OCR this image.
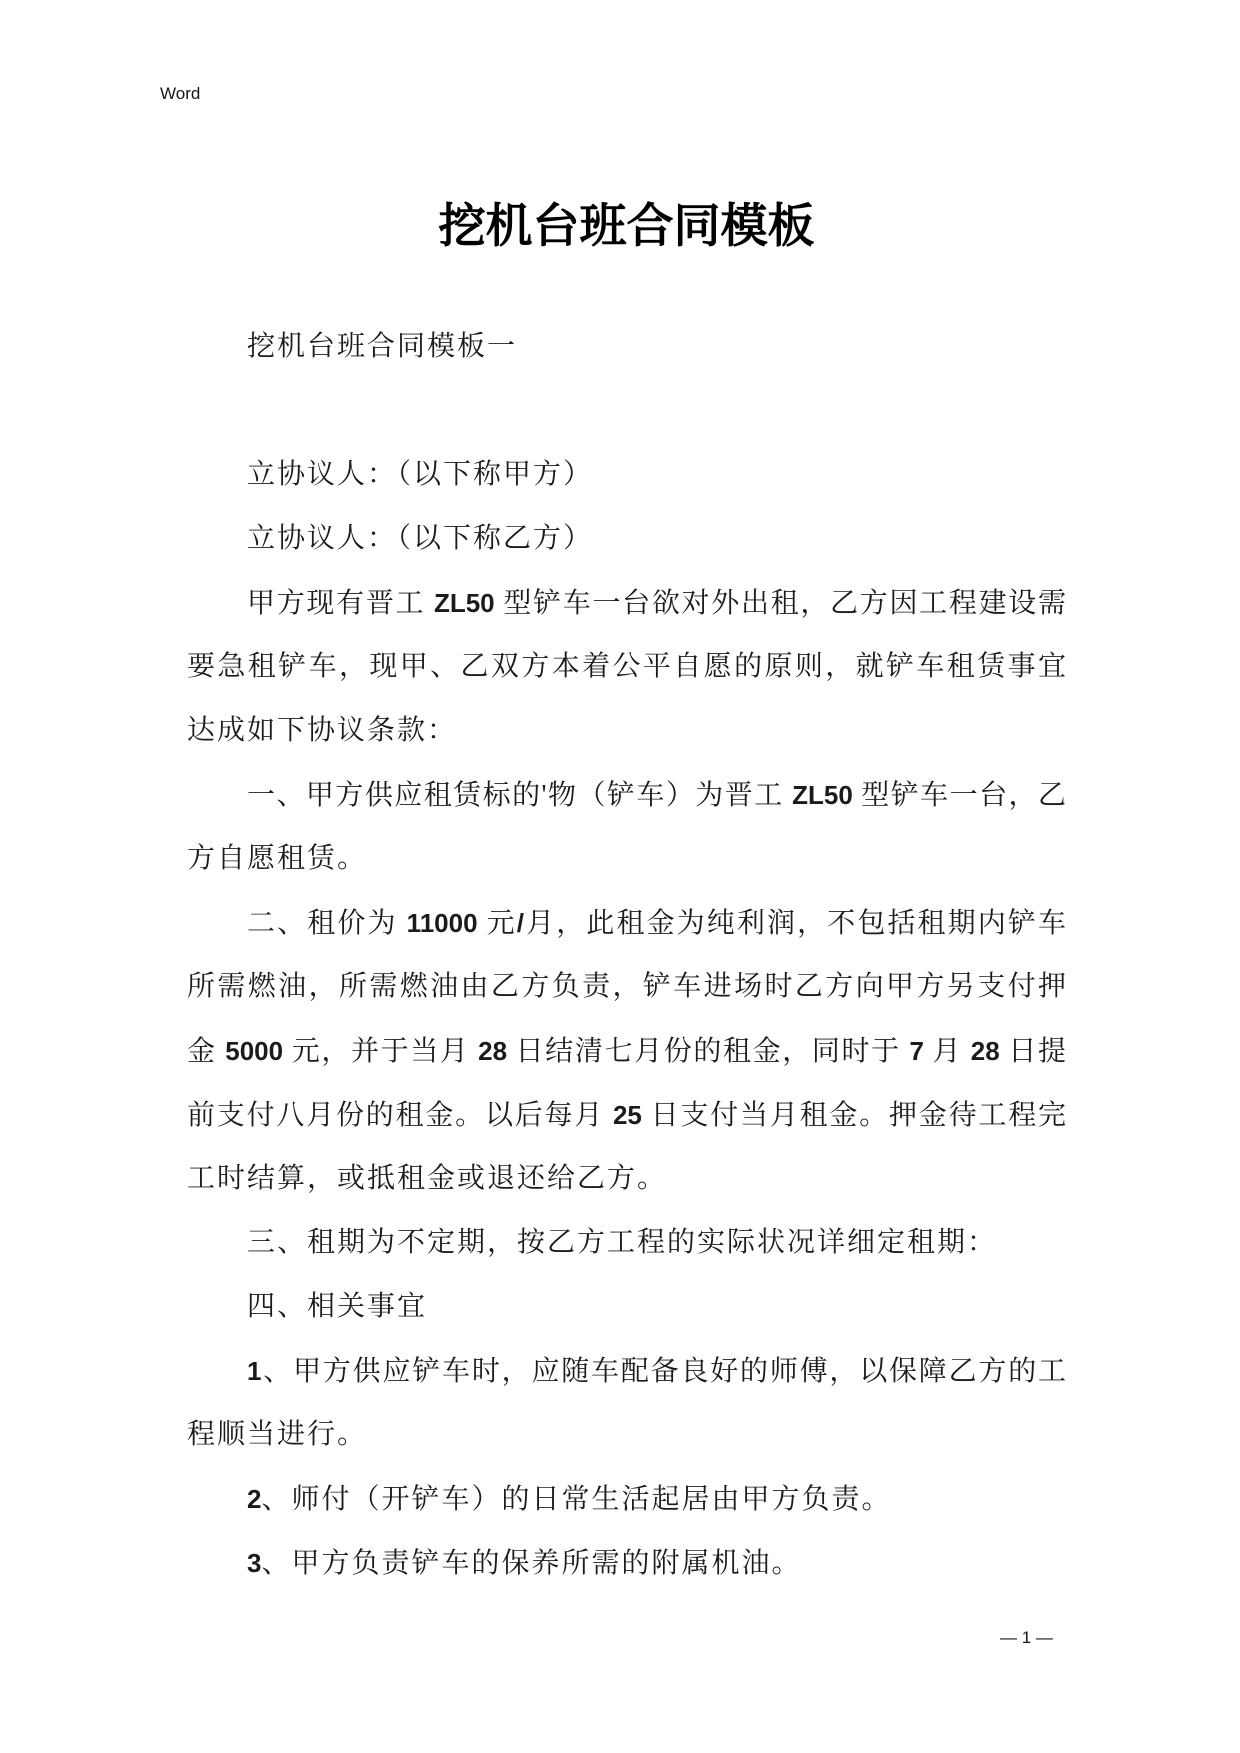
Word
挖机台班合同模板
挖机台班合同模板一

立协议人：（以下称甲方）
立协议人：（以下称乙方）
甲方现有晋工 ZL50 型铲车一台欲对外出租，乙方因工程建设需
要急租铲车，现甲、乙双方本着公平自愿的原则，就铲车租赁事宜
达成如下协议条款：
一、甲方供应租赁标的'物（铲车）为晋工 ZL50 型铲车一台，乙
方自愿租赁。
二、租价为 11000 元/月，此租金为纯利润，不包括租期内铲车
所需燃油，所需燃油由乙方负责，铲车进场时乙方向甲方另支付押
金 5000 元，并于当月 28 日结清七月份的租金，同时于 7 月 28 日提
前支付八月份的租金。以后每月 25 日支付当月租金。押金待工程完
工时结算，或抵租金或退还给乙方。
三、租期为不定期，按乙方工程的实际状况详细定租期：
四、相关事宜
1、甲方供应铲车时，应随车配备良好的师傅，以保障乙方的工
程顺当进行。
2、师付（开铲车）的日常生活起居由甲方负责。
3、甲方负责铲车的保养所需的附属机油。
— 1 —
